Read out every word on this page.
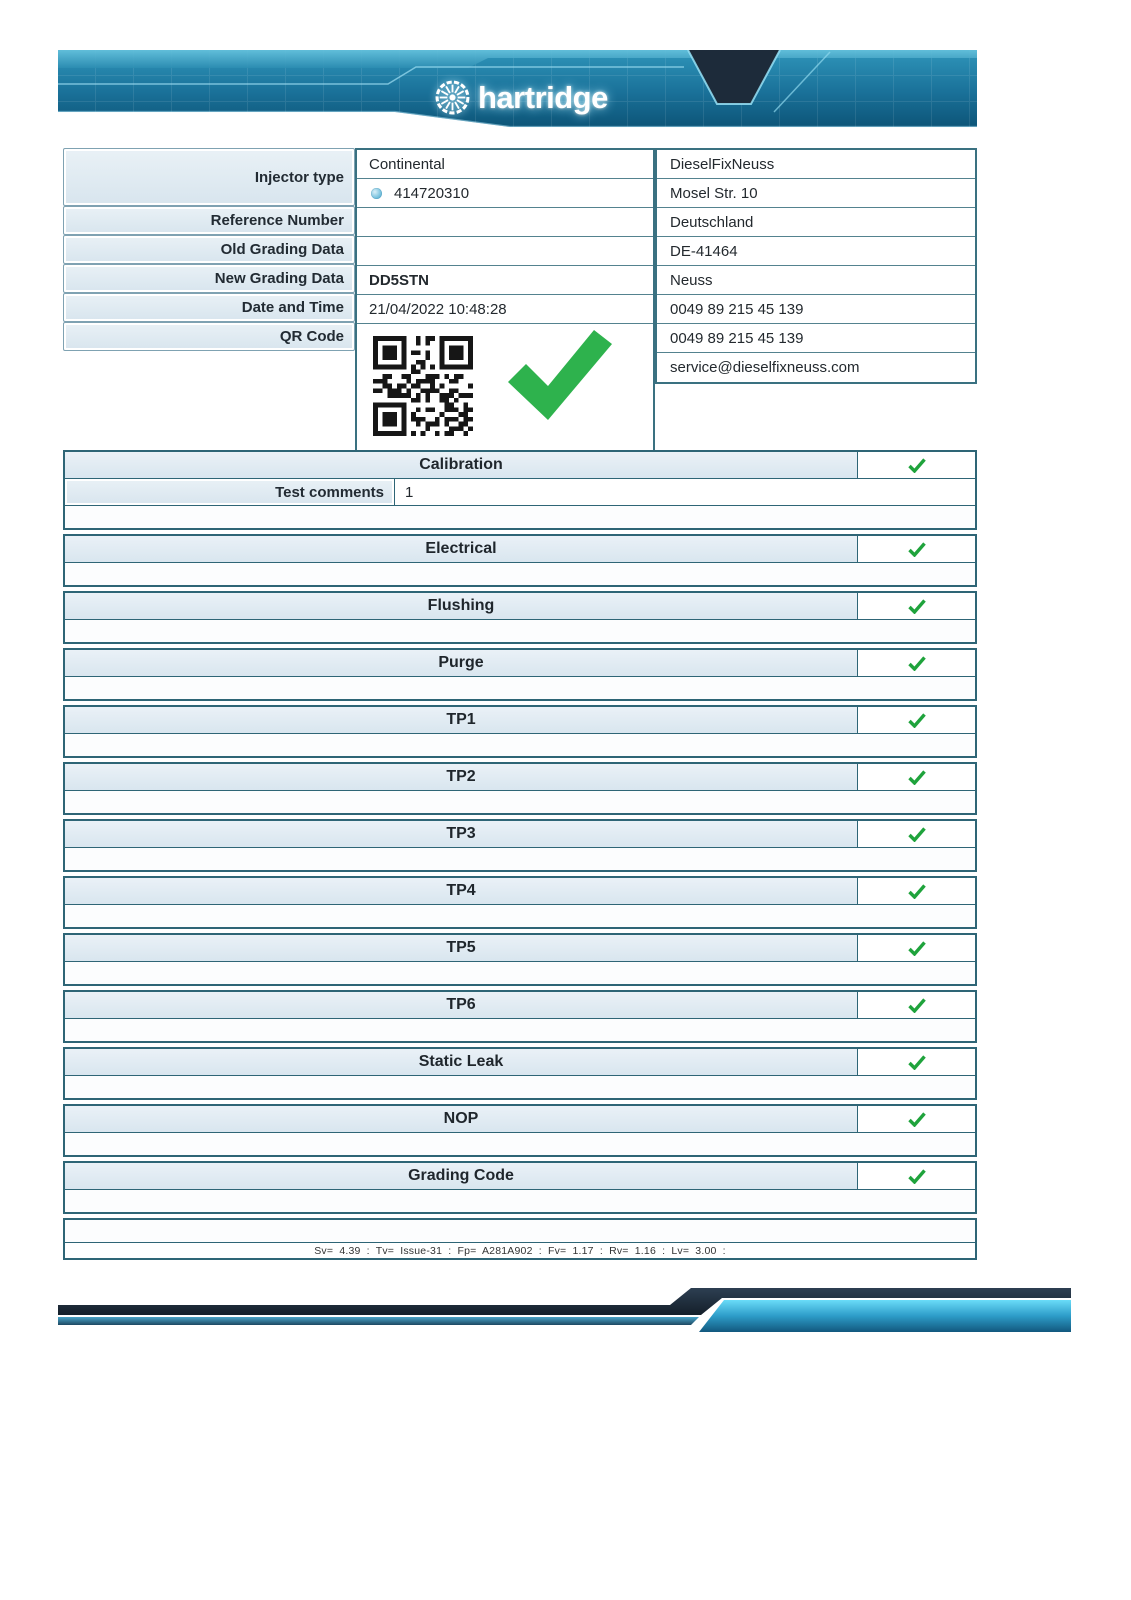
hartridge
Injector type
Reference Number
Old Grading Data
New Grading Data
Date and Time
QR Code
Continental
414720310
DD5STN
21/04/2022 10:48:28
DieselFixNeuss
Mosel Str. 10
Deutschland
DE-41464
Neuss
0049 89 215 45 139
0049 89 215 45 139
service@dieselfixneuss.com
Calibration
Test comments	1
Electrical
Flushing
Purge
TP1
TP2
TP3
TP4
TP5
TP6
Static Leak
NOP
Grading Code
Sv= 4.39 : Tv= Issue-31 : Fp= A281A902 : Fv= 1.17 : Rv= 1.16 : Lv= 3.00 :
